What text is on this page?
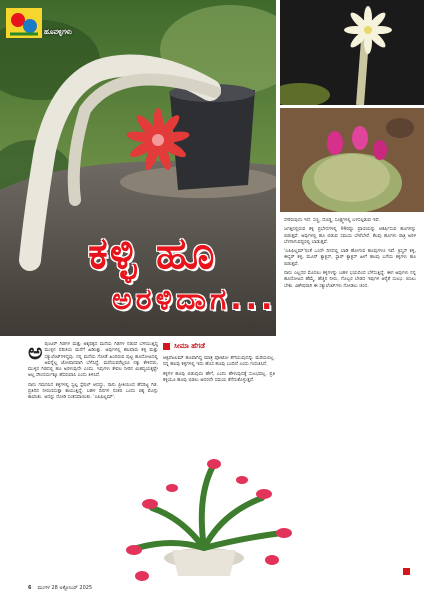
ಹೂವಳ್ಳಿಗಳು
ಕಳ್ಳಿ ಹೂ
ಅರಳಿದಾಗ...
ಸೀಮಾ ಹೆಗಡೆ
ಅ ಪುಂಟರ್ ಗಿಡಗಳ ಮತ್ತು ಅಕ್ಕಪಕ್ಕದ ಮನೆಯ ಗಿಡಗಳ ನಡುವೆ ಬೆಳೆಯುತ್ತಿದ್ದ ಮುಳ್ಳಿನ ಪರಿಚಯ ಮನೆಗೆ ಹಿಡಿಸಿತ್ತು. ಅವುಗಳಲ್ಲಿ ಹಲವಾರು ಕಳ್ಳಿ ಮತ್ತು ಸಕ್ಯುಲೆಂಟ್‌ಗಳಿದ್ದವು. ನನ್ನ ಮನೆಯ ಗೋಡೆ ಹಿಂದಿರುವ ಪುಟ್ಟ ಹೂದೋಟದಲ್ಲಿ ಅವನ್ನೆಲ್ಲ ಜೋಪಾನವಾಗಿ ಬೆಳೆಸಿದ್ದೆ. ಮನೆಯವರೆಲ್ಲರೂ ನಕ್ಕು ಕೇಳಿದರು, ಮುಳ್ಳಿನ ಗಿಡದಲ್ಲಿ ಹೂ ಅರಳುವುದೇ ಎಂದು. ಇವುಗಳು ಕೇವಲ ನೀರಿನ ಮಿತವ್ಯಯಕ್ಕಷ್ಟೇ ಅಲ್ಲ ಸೌಂದರ್ಯಕ್ಕೂ ಹೆಸರುವಾಸಿ ಎಂದು ತಿಳಿಸಿದೆ.

ನಾನು ಗಮನಿಸಿದ ಕಳ್ಳಿಗಳಲ್ಲಿ ಸ್ವಲ್ಪ ಸ್ಪೆಷಲ್ ಆದದ್ದು, ನಾನು ಪ್ರೀತಿಯಿಂದ ಹೆಸರಿಟ್ಟ ಗಿಡ. ಪ್ರತಿದಿನ ನೀರುಣಿಸುತ್ತಾ ಕಾಯುತ್ತಿದ್ದೆ. ಬಹಳ ದಿನಗಳ ನಂತರ ಒಂದು ಚಿಕ್ಕ ಮೊಗ್ಗು ಕಾಣಿಸಿತು. ಅದನ್ನು ನೋಡಿ ಸಂತಸವಾಯಿತು. 'ಎಪಿಫಿಲ್ಲಮ್'.

ಆಕ್ಸಿಪೆಟಲಮ್ ಹೂವಾಗಿದ್ದ ಮಾತ್ರ ಫೋಟೋ ತೆಗೆಯುವುದನ್ನು ಮರೆಯಲಿಲ್ಲ. ನನ್ನ ಹಲವು ಕಳ್ಳಿಗಳಲ್ಲಿ ಇದು ಹೊಸ ಹೂವು ಬಂದಿದೆ ಎಂದು ಗುರುತಿಸಿದೆ.

ಕಳ್ಳಿಗಳ ಹೂವು ಬಿಡುವುದು ಹೇಗೆ, ಎಂದು ಹೇಳುವುದಕ್ಕೆ ಸುಲಭವಲ್ಲ. ಪ್ರತಿ ಕಳ್ಳಿಯೂ ಹೂವು ಬಿಡಲು ಅದರದೇ ಸಮಯ ತೆಗೆದುಕೊಳ್ಳುತ್ತದೆ.

ಸೇರಿರುವುದು ಇದೆ. ಸಣ್ಣ, ದೊಡ್ಡ, ಸೂಕ್ಷ್ಮಗಳಲ್ಲಿ ಬಳಸಲ್ಪಡುವ ಇವೆ.

ಜಗತ್ತಿನಲ್ಲಿರುವ ಕಳ್ಳಿ ಪ್ರಭೇದಗಳಲ್ಲಿ 99ರಷ್ಟು ಪ್ರಾಣಿಯನ್ನು ಆಕರ್ಷಿಸುವ ಹೂಗಳನ್ನು ಬಿಡುತ್ತವೆ. ಅವುಗಳಲ್ಲಿ ಹೂ ಬಿಡುವ ಸಮಯ ಬೇರೆಬೇರೆ. ಕೆಲವು ಹೂಗಳು ರಾತ್ರಿ ಅರಳಿ ಬೆಳಗಾಗುವಷ್ಟರಲ್ಲಿ ಬಾಡುತ್ತವೆ.

'ಎಪಿಫಿಲ್ಲಮ್'ನಂತೆ ಒಂದೇ ದಿನದಲ್ಲಿ ಬಾಡಿ ಹೋಗುವ ಹೂವುಗಳೂ ಇವೆ. ಕ್ರಿಸ್ಮಸ್ ಕಳ್ಳಿ, ಈಸ್ಟರ್ ಕಳ್ಳಿ, ಮೂನ್ ಕ್ಯಾಕ್ಟಸ್, ಸ್ಟಾರ್ ಕ್ಯಾಕ್ಟಸ್ ಹೀಗೆ ಹಲವು ಬಗೆಯ ಕಳ್ಳಿಗಳು ಹೂ ಬಿಡುತ್ತವೆ.

ನಾನು ಎಲ್ಲದರ ಮೊದಲು ಕಳ್ಳಿಗಳನ್ನು ಬಹಳ ಭಯದಿಂದ ಬೆಳೆಸುತ್ತಿದ್ದೆ. ಈಗ ಅವುಗಳು ನನ್ನ ಹೂದೋಟದ ಹೆಮ್ಮೆ. ಹೆಚ್ಚಿನ ನೀರು, ಗೊಬ್ಬರ ಬೇಡದ ಇವುಗಳ ಆರೈಕೆ ಸುಲಭ. ಬಿಸಿಲು ಬೇಕು. ವಿಶೇಷವಾಗಿ ಈ ಸಕ್ಯುಲೆಂಟ್‌ಗಳು ನೋಡಲು ಚಂದ.

6 ಮಂಗಳ 28 ಅಕ್ಟೋಬರ್ 2025
